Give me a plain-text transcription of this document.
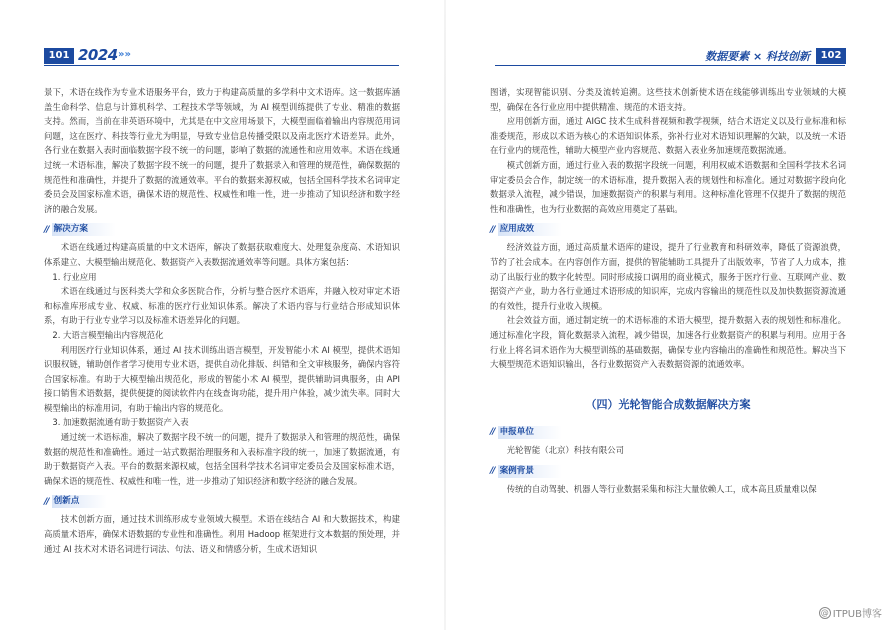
101 2024 »»	数据要素 × 科技创新	102

景下，术语在线作为专业术语服务平台，致力于构建高质量的多学科中文术语库。这一数据库涵盖生命科学、信息与计算机科学、工程技术学等领域，为 AI 模型训练提供了专业、精准的数据支持。然而，当前在非英语环境中，尤其是在中文应用场景下，大模型面临着输出内容规范用词问题，这在医疗、科技等行业尤为明显，导致专业信息传播受限以及南北医疗术语差异。此外，各行业在数据入表时面临数据字段不统一的问题，影响了数据的流通性和应用效率。术语在线通过统一术语标准，解决了数据字段不统一的问题，提升了数据录入和管理的规范性，确保数据的规范性和准确性，并提升了数据的流通效率。平台的数据来源权威，包括全国科学技术名词审定委员会及国家标准术语，确保术语的规范性、权威性和唯一性，进一步推动了知识经济和数字经济的融合发展。

// 解决方案

术语在线通过构建高质量的中文术语库，解决了数据获取难度大、处理复杂度高、术语知识体系建立、大模型输出规范化、数据资产入表数据流通效率等问题。具体方案包括：

1. 行业应用

术语在线通过与医科类大学和众多医院合作，分析与整合医疗术语库，并融入校对审定术语和标准库形成专业、权威、标准的医疗行业知识体系。解决了术语内容与行业结合形成知识体系，有助于行业专业学习以及标准术语差异化的问题。

2. 大语言模型输出内容规范化

利用医疗行业知识体系，通过 AI 技术训练出语言模型，开发智能小术 AI 模型，提供术语知识服权链，辅助创作者学习使用专业术语，提供自动化排版、纠错和全文审核服务，确保内容符合国家标准。有助于大模型输出规范化，形成的智能小术 AI 模型，提供辅助词典服务，由 API 接口销售术语数据，提供便捷的阅读软件内在线查询功能，提升用户体验，减少流失率。同时大模型输出的标准用词，有助于输出内容的规范化。

3. 加速数据流通有助于数据资产入表

通过统一术语标准，解决了数据字段不统一的问题，提升了数据录入和管理的规范性，确保数据的规范性和准确性。通过一站式数据治理服务和入表标准字段的统一，加速了数据流通，有助于数据资产入表。平台的数据来源权威，包括全国科学技术名词审定委员会及国家标准术语，确保术语的规范性、权威性和唯一性，进一步推动了知识经济和数字经济的融合发展。

// 创新点

技术创新方面，通过技术训练形成专业领域大模型。术语在线结合 AI 和大数据技术，构建高质量术语库，确保术语数据的专业性和准确性。利用 Hadoop 框架进行文本数据的预处理，并通过 AI 技术对术语名词进行词法、句法、语义和情感分析，生成术语知识

图谱，实现智能识别、分类及流转追溯。这些技术创新使术语在线能够训练出专业领域的大模型，确保在各行业应用中提供精准、规范的术语支持。

应用创新方面，通过 AIGC 技术生成科普视频和教学视频，结合术语定义以及行业标准和标准委规范，形成以术语为核心的术语知识体系，弥补行业对术语知识理解的欠缺，以及统一术语在行业内的规范性，辅助大模型产业内容规范、数据入表业务加速规范数据流通。

模式创新方面，通过行业入表的数据字段统一问题，利用权威术语数据和全国科学技术名词审定委员会合作，制定统一的术语标准，提升数据入表的规划性和标准化。通过对数据字段向化数据录入流程，减少错误，加速数据资产的积累与利用。这种标准化管理不仅提升了数据的规范性和准确性，也为行业数据的高效应用奠定了基础。

// 应用成效

经济效益方面，通过高质量术语库的建设，提升了行业教育和科研效率，降低了资源浪费，节约了社会成本。在内容创作方面，提供的智能辅助工具提升了出版效率，节省了人力成本，推动了出版行业的数字化转型。同时形成接口调用的商业模式，服务于医疗行业、互联网产业、数据资产产业，助力各行业通过术语形成的知识库，完成内容输出的规范性以及加快数据资源流通的有效性，提升行业收入规模。

社会效益方面，通过制定统一的术语标准的术语大模型，提升数据入表的规划性和标准化。通过标准化字段，简化数据录入流程，减少错误，加速各行业数据资产的积累与利用。应用于各行业上将名词术语作为大模型训练的基础数据，确保专业内容输出的准确性和规范性。解决当下大模型规范术语知识输出，各行业数据资产入表数据资源的流通效率。

（四）光轮智能合成数据解决方案
// 申报单位

光轮智能（北京）科技有限公司

// 案例背景

传统的自动驾驶、机器人等行业数据采集和标注大量依赖人工，成本高且质量难以保

@ ITPUB博客
